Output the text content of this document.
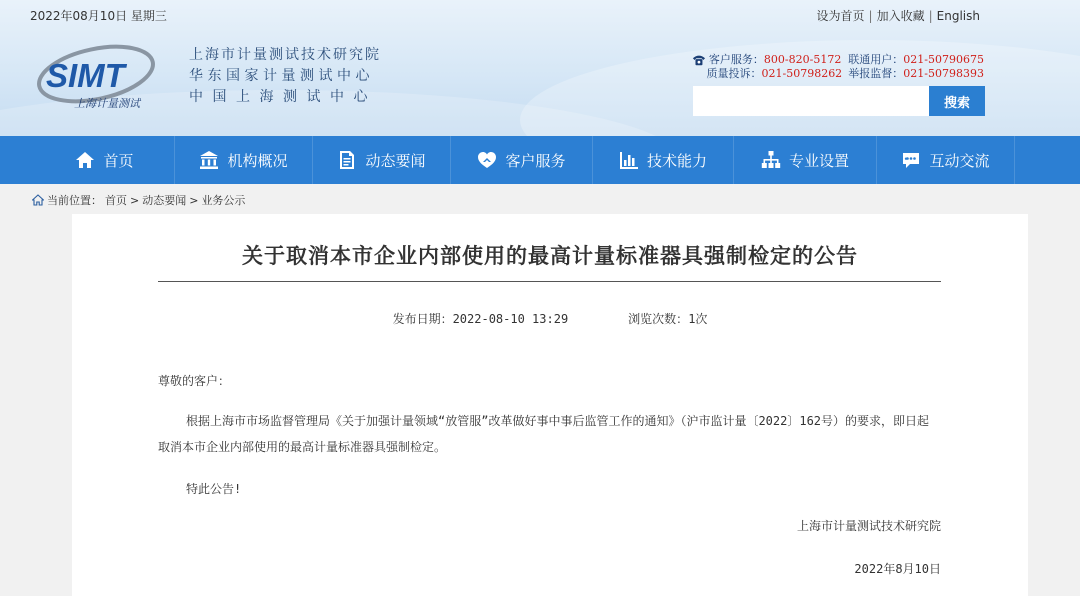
2022年08月10日 星期三	设为首页 | 加入收藏 | English
SIMT
上海计量测试
上海市计量测试技术研究院
华东国家计量测试中心
中国上海测试中心
客户服务： 800-820-5172 联通用户： 021-50790675
质量投诉： 021-50798262 举报监督： 021-50798393
搜索
首页	机构概况	动态要闻	客户服务	技术能力	专业设置	互动交流
当前位置： 首页 > 动态要闻 > 业务公示
关于取消本市企业内部使用的最高计量标准器具强制检定的公告
发布日期：2022-08-10 13:29	浏览次数：1次

尊敬的客户：

根据上海市市场监督管理局《关于加强计量领域“放管服”改革做好事中事后监管工作的通知》（沪市监计量〔2022〕162号）的要求，即日起取消本市企业内部使用的最高计量标准器具强制检定。

特此公告!

上海市计量测试技术研究院
2022年8月10日
